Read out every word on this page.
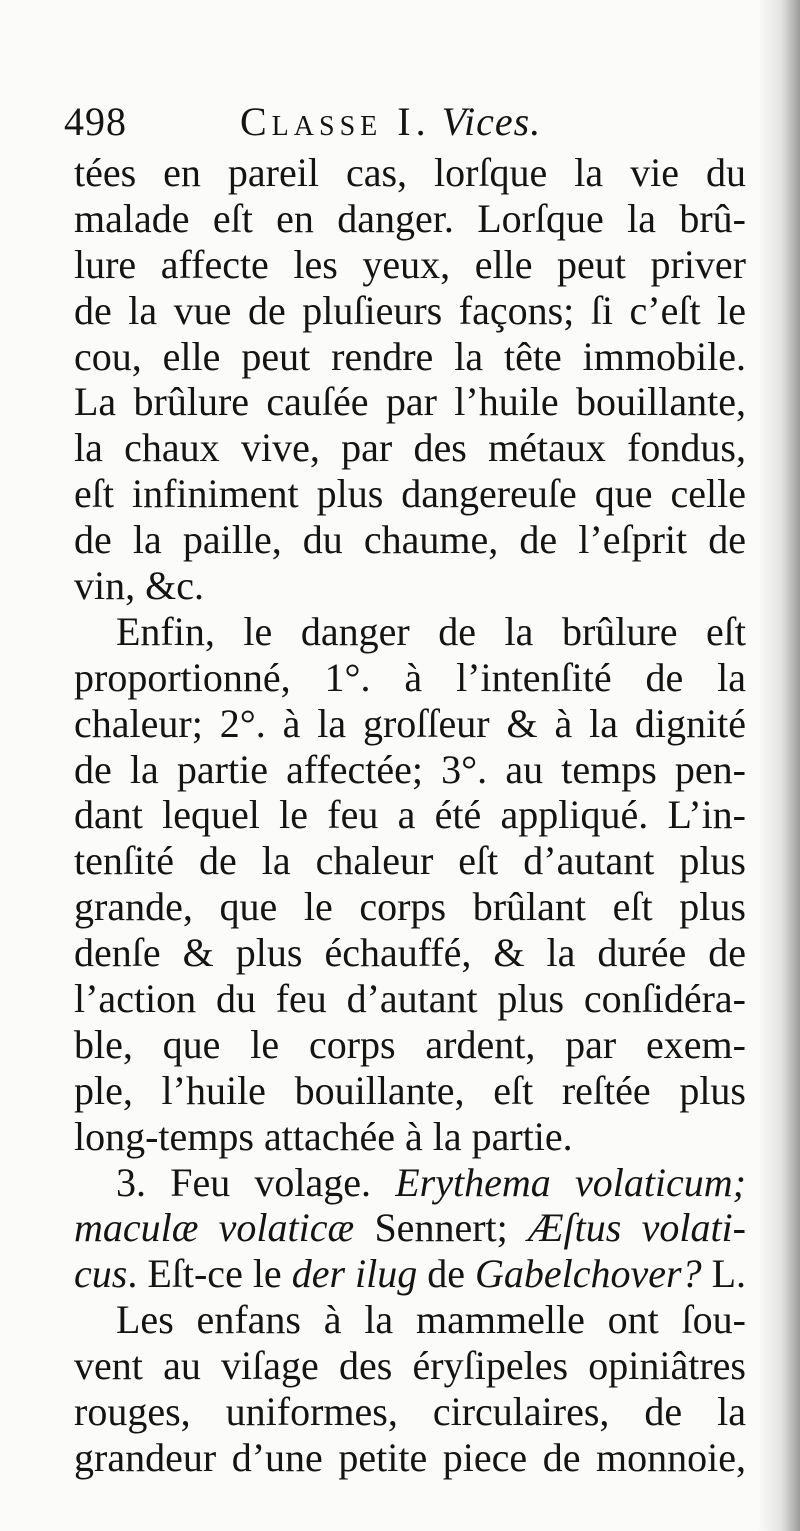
498	Classe I. Vices.
tées en pareil cas, lorſque la vie du
malade eſt en danger. Lorſque la brû-
lure affecte les yeux, elle peut priver
de la vue de pluſieurs façons; ſi c’eſt le
cou, elle peut rendre la tête immobile.
La brûlure cauſée par l’huile bouillante,
la chaux vive, par des métaux fondus,
eſt infiniment plus dangereuſe que celle
de la paille, du chaume, de l’eſprit de
vin, &c.
Enfin, le danger de la brûlure eſt
proportionné, 1°. à l’intenſité de la
chaleur; 2°. à la groſſeur & à la dignité
de la partie affectée; 3°. au temps pen-
dant lequel le feu a été appliqué. L’in-
tenſité de la chaleur eſt d’autant plus
grande, que le corps brûlant eſt plus
denſe & plus échauffé, & la durée de
l’action du feu d’autant plus conſidéra-
ble, que le corps ardent, par exem-
ple, l’huile bouillante, eſt reſtée plus
long-temps attachée à la partie.
3. Feu volage. Erythema volaticum;
maculæ volaticæ Sennert; Æſtus volati-
cus. Eſt-ce le der ilug de Gabelchover? L.
Les enfans à la mammelle ont ſou-
vent au viſage des éryſipeles opiniâtres
rouges, uniformes, circulaires, de la
grandeur d’une petite piece de monnoie,
